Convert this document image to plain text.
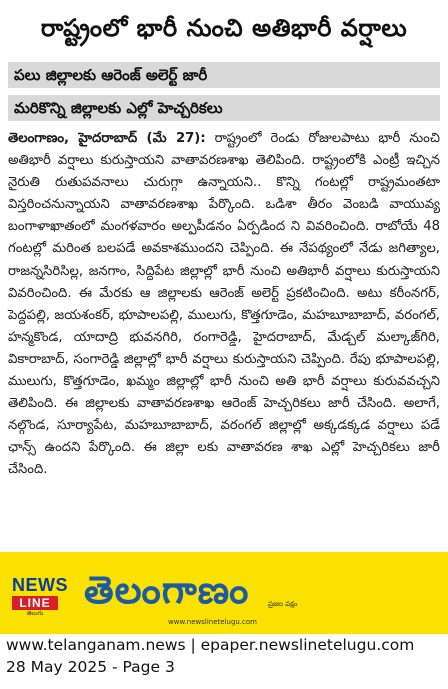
రాష్ట్రంలో భారీ నుంచి అతిభారీ వర్షాలు
పలు జిల్లాలకు ఆరెంజ్ అలెర్ట్ జారీ
మరికొన్ని జిల్లాలకు ఎల్లో హెచ్చరికలు
తెలంగాణం, హైదరాబాద్ (మే 27): రాష్ట్రంలో రెండు రోజులపాటు భారీ నుంచి అతిభారీ వర్షాలు కురుస్తాయని వాతావరణశాఖ తెలిపింది. రాష్ట్రంలోకి ఎంట్రీ ఇచ్చిన నైరుతి రుతుపవనాలు చురుగ్గా ఉన్నాయని.. కొన్ని గంటల్లో రాష్ట్రమంతటా విస్తరించనున్నాయని వాతావరణశాఖ పేర్కొంది. ఒడిశా తీరం వెంబడి వాయువ్య బంగాళాఖాతంలో మంగళవారం అల్పపీడనం ఏర్పడింద ని వివరించింది. రాబోయే 48 గంటల్లో మరింత బలపడే అవకాశముందని చెప్పింది. ఈ నేపథ్యంలో నేడు జగిత్యాల, రాజన్నసిరిసిల్ల, జనగాం, సిద్దిపేట జిల్లాల్లో భారీ నుంచి అతిభారీ వర్షాలు కురుస్తాయని వివరించింది. ఈ మేరకు ఆ జిల్లాలకు ఆరెంజ్ అలెర్ట్ ప్రకటించింది. అటు కరీంనగర్, పెద్దపల్లి, జయశంకర్, భూపాలపల్లి, ములుగు, కొత్తగూడెం, మహబూబాబాద్, వరంగల్, హన్మకొండ, యాదాద్రి భువనగిరి, రంగారెడ్డి, హైదరాబాద్, మేడ్చల్ మల్కాజ్‌గిరి, వికారాబాద్, సంగారెడ్డి జిల్లాల్లో భారీ వర్షాలు కురుస్తాయని చెప్పింది. రేపు భూపాలపల్లి, ములుగు, కొత్తగూడెం, ఖమ్మం జిల్లాల్లో భారీ నుంచి అతి భారీ వర్షాలు కురువవచ్చని తెలిపింది. ఈ జిల్లాలకు వాతావరణశాఖ ఆరెంజ్ హెచ్చరికలు జారీ చేసింది. అలాగే, నల్గొండ, సూర్యాపేట, మహబూబాబాద్, వరంగల్ జిల్లాల్లో అక్కడక్కడ వర్షాలు పడే ఛాన్స్ ఉందని పేర్కొంది. ఈ జిల్లా లకు వాతావరణ శాఖ ఎల్లో హెచ్చరికలు జారీ చేసింది.
NEWS
LINE
తెలుగు
తెలంగాణం	ప్రజల పక్షం
www.newslinetelugu.com
www.telanganam.news | epaper.newslinetelugu.com
28 May 2025 - Page 3
